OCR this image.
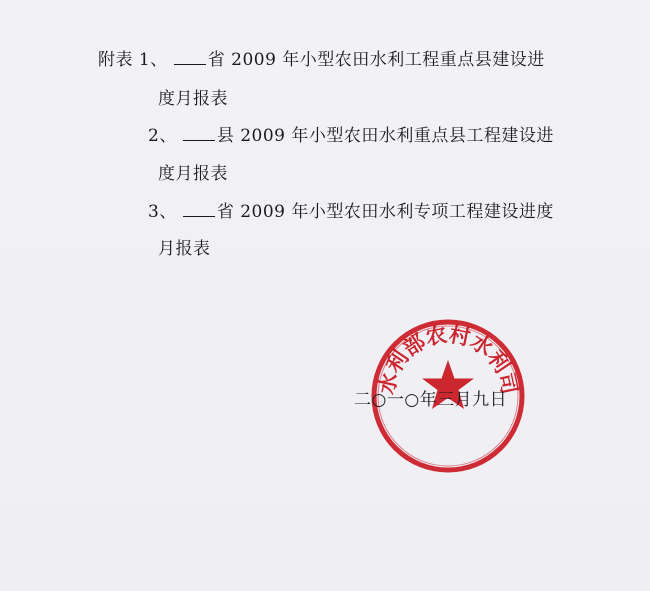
附表 1、 省 2009 年小型农田水利工程重点县建设进
度月报表
2、 县 2009 年小型农田水利重点县工程建设进
度月报表
3、 省 2009 年小型农田水利专项工程建设进度
月报表
水利部农村水利司
二○一○年三月九日
